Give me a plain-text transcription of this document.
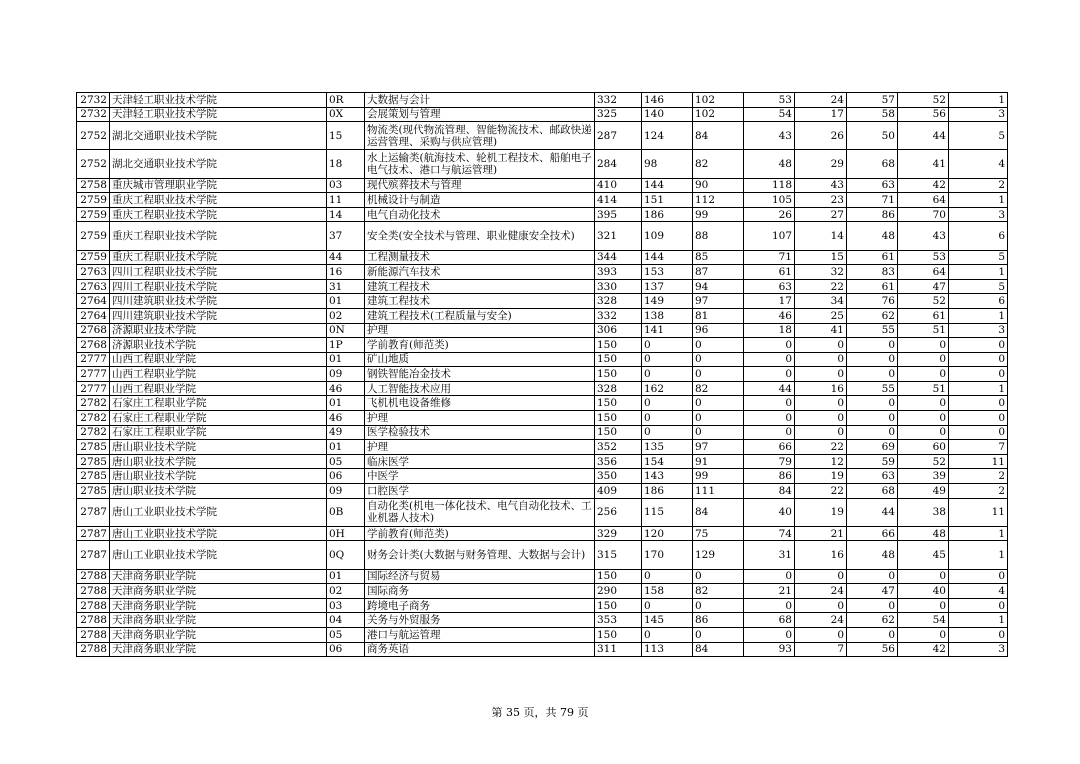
2732	天津轻工职业技术学院	0R	大数据与会计	332	146	102	53	24	57	52	1
2732	天津轻工职业技术学院	0X	会展策划与管理	325	140	102	54	17	58	56	3
2752	湖北交通职业技术学院	15	物流类(现代物流管理、智能物流技术、邮政快递运营管理、采购与供应管理)	287	124	84	43	26	50	44	5
2752	湖北交通职业技术学院	18	水上运输类(航海技术、轮机工程技术、船舶电子电气技术、港口与航运管理)	284	98	82	48	29	68	41	4
2758	重庆城市管理职业学院	03	现代殡葬技术与管理	410	144	90	118	43	63	42	2
2759	重庆工程职业技术学院	11	机械设计与制造	414	151	112	105	23	71	64	1
2759	重庆工程职业技术学院	14	电气自动化技术	395	186	99	26	27	86	70	3
2759	重庆工程职业技术学院	37	安全类(安全技术与管理、职业健康安全技术)	321	109	88	107	14	48	43	6
2759	重庆工程职业技术学院	44	工程测量技术	344	144	85	71	15	61	53	5
2763	四川工程职业技术学院	16	新能源汽车技术	393	153	87	61	32	83	64	1
2763	四川工程职业技术学院	31	建筑工程技术	330	137	94	63	22	61	47	5
2764	四川建筑职业技术学院	01	建筑工程技术	328	149	97	17	34	76	52	6
2764	四川建筑职业技术学院	02	建筑工程技术(工程质量与安全)	332	138	81	46	25	62	61	1
2768	济源职业技术学院	0N	护理	306	141	96	18	41	55	51	3
2768	济源职业技术学院	1P	学前教育(师范类)	150	0	0	0	0	0	0	0
2777	山西工程职业学院	01	矿山地质	150	0	0	0	0	0	0	0
2777	山西工程职业学院	09	钢铁智能冶金技术	150	0	0	0	0	0	0	0
2777	山西工程职业学院	46	人工智能技术应用	328	162	82	44	16	55	51	1
2782	石家庄工程职业学院	01	飞机机电设备维修	150	0	0	0	0	0	0	0
2782	石家庄工程职业学院	46	护理	150	0	0	0	0	0	0	0
2782	石家庄工程职业学院	49	医学检验技术	150	0	0	0	0	0	0	0
2785	唐山职业技术学院	01	护理	352	135	97	66	22	69	60	7
2785	唐山职业技术学院	05	临床医学	356	154	91	79	12	59	52	11
2785	唐山职业技术学院	06	中医学	350	143	99	86	19	63	39	2
2785	唐山职业技术学院	09	口腔医学	409	186	111	84	22	68	49	2
2787	唐山工业职业技术学院	0B	自动化类(机电一体化技术、电气自动化技术、工业机器人技术)	256	115	84	40	19	44	38	11
2787	唐山工业职业技术学院	0H	学前教育(师范类)	329	120	75	74	21	66	48	1
2787	唐山工业职业技术学院	0Q	财务会计类(大数据与财务管理、大数据与会计)	315	170	129	31	16	48	45	1
2788	天津商务职业学院	01	国际经济与贸易	150	0	0	0	0	0	0	0
2788	天津商务职业学院	02	国际商务	290	158	82	21	24	47	40	4
2788	天津商务职业学院	03	跨境电子商务	150	0	0	0	0	0	0	0
2788	天津商务职业学院	04	关务与外贸服务	353	145	86	68	24	62	54	1
2788	天津商务职业学院	05	港口与航运管理	150	0	0	0	0	0	0	0
2788	天津商务职业学院	06	商务英语	311	113	84	93	7	56	42	3
第 35 页，共 79 页
